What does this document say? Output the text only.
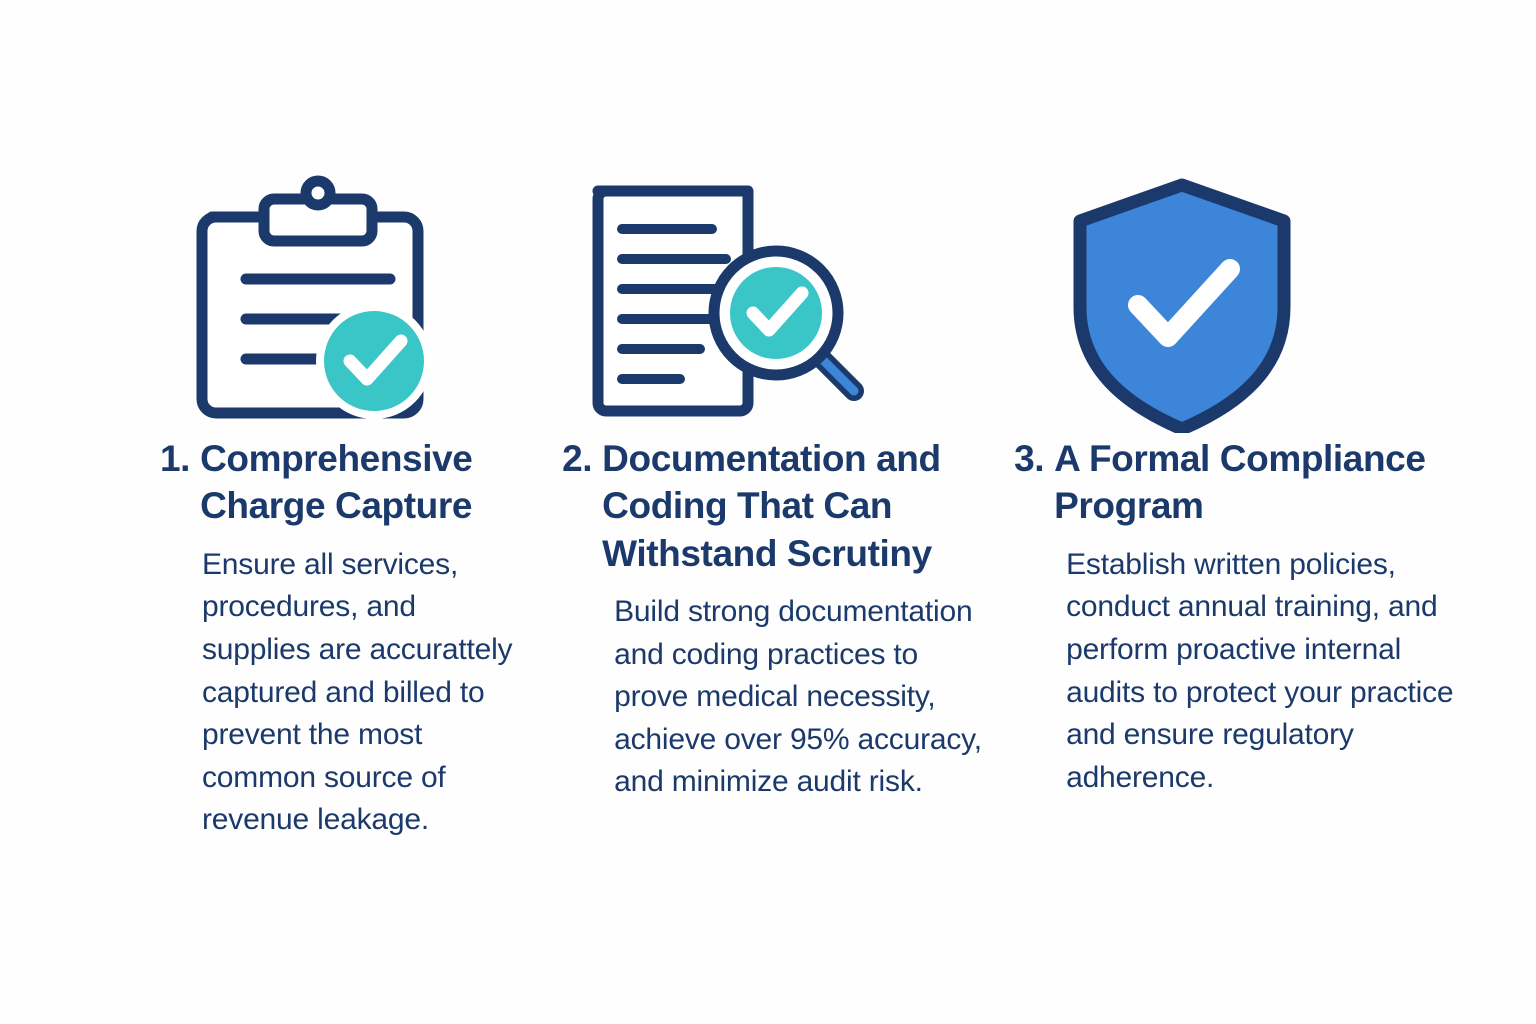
1. Comprehensive Charge Capture
Ensure all services, procedures, and supplies are accurattely captured and billed to prevent the most common source of revenue leakage.
2. Documentation and Coding That Can Withstand Scrutiny
Build strong documentation and coding practices to prove medical necessity, achieve over 95% accuracy, and minimize audit risk.
3. A Formal Compliance Program
Establish written policies, conduct annual training, and perform proactive internal audits to protect your practice and ensure regulatory adherence.
